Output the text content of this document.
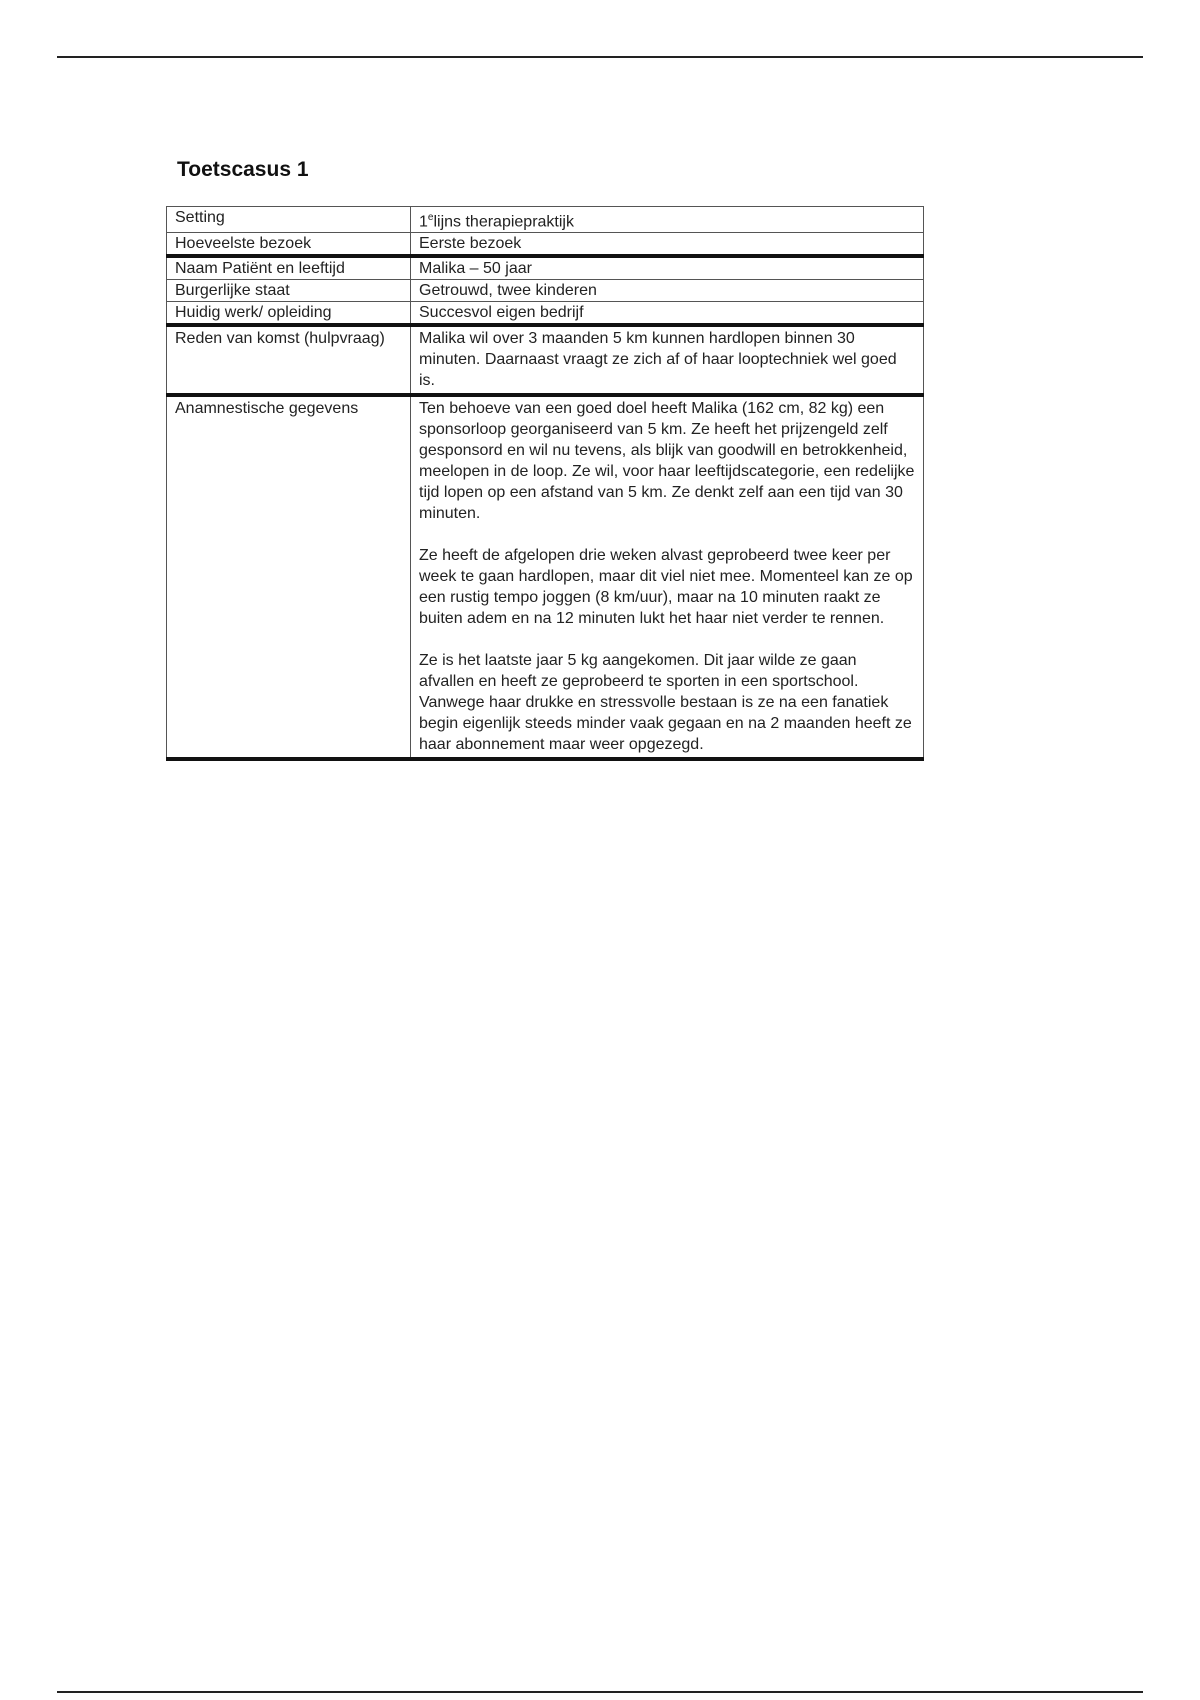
Toetscasus 1
Setting	1elijns therapiepraktijk
Hoeveelste bezoek	Eerste bezoek
Naam Patiënt en leeftijd	Malika – 50 jaar
Burgerlijke staat	Getrouwd, twee kinderen
Huidig werk/ opleiding	Succesvol eigen bedrijf
Reden van komst (hulpvraag)	Malika wil over 3 maanden 5 km kunnen hardlopen binnen 30 minuten. Daarnaast vraagt ze zich af of haar looptechniek wel goed is.
Anamnestische gegevens	Ten behoeve van een goed doel heeft Malika (162 cm, 82 kg) een sponsorloop georganiseerd van 5 km. Ze heeft het prijzengeld zelf gesponsord en wil nu tevens, als blijk van goodwill en betrokkenheid, meelopen in de loop. Ze wil, voor haar leeftijdscategorie, een redelijke tijd lopen op een afstand van 5 km. Ze denkt zelf aan een tijd van 30 minuten.
Ze heeft de afgelopen drie weken alvast geprobeerd twee keer per week te gaan hardlopen, maar dit viel niet mee. Momenteel kan ze op een rustig tempo joggen (8 km/uur), maar na 10 minuten raakt ze buiten adem en na 12 minuten lukt het haar niet verder te rennen.
Ze is het laatste jaar 5 kg aangekomen. Dit jaar wilde ze gaan afvallen en heeft ze geprobeerd te sporten in een sportschool. Vanwege haar drukke en stressvolle bestaan is ze na een fanatiek begin eigenlijk steeds minder vaak gegaan en na 2 maanden heeft ze haar abonnement maar weer opgezegd.
